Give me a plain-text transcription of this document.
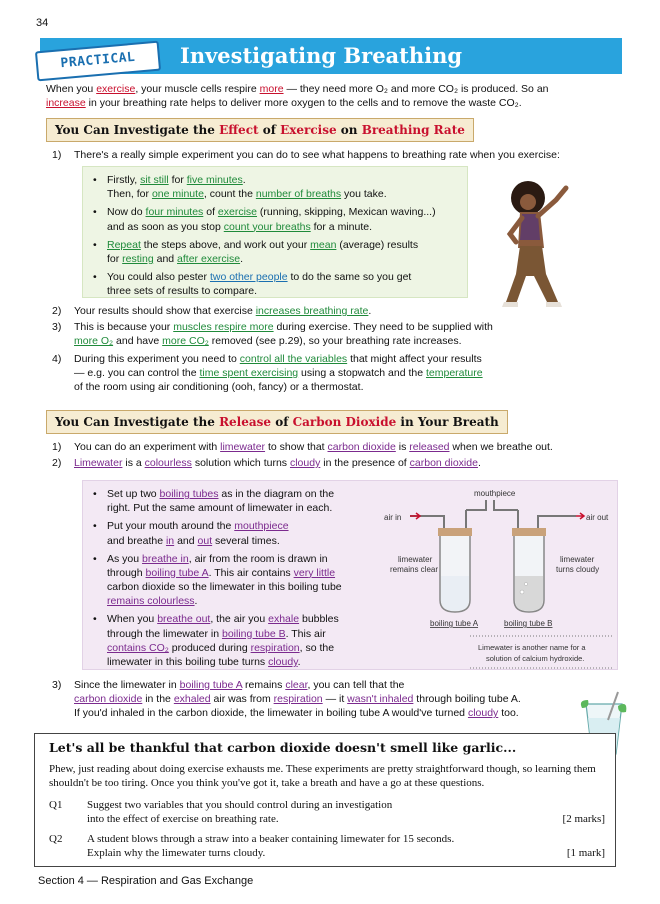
34
PRACTICAL	Investigating Breathing
When you exercise, your muscle cells respire more — they need more O₂ and more CO₂ is produced. So an
increase in your breathing rate helps to deliver more oxygen to the cells and to remove the waste CO₂.
You Can Investigate the Effect of Exercise on Breathing Rate
1)	There's a really simple experiment you can do to see what happens to breathing rate when you exercise:
• Firstly, sit still for five minutes.
Then, for one minute, count the number of breaths you take.
• Now do four minutes of exercise (running, skipping, Mexican waving...)
and as soon as you stop count your breaths for a minute.
• Repeat the steps above, and work out your mean (average) results
for resting and after exercise.
• You could also pester two other people to do the same so you get
three sets of results to compare.
2)	Your results should show that exercise increases breathing rate.
3)	This is because your muscles respire more during exercise. They need to be supplied with
more O₂ and have more CO₂ removed (see p.29), so your breathing rate increases.
4)	During this experiment you need to control all the variables that might affect your results
— e.g. you can control the time spent exercising using a stopwatch and the temperature
of the room using air conditioning (ooh, fancy) or a thermostat.
You Can Investigate the Release of Carbon Dioxide in Your Breath
1)	You can do an experiment with limewater to show that carbon dioxide is released when we breathe out.
2)	Limewater is a colourless solution which turns cloudy in the presence of carbon dioxide.
• Set up two boiling tubes as in the diagram on the
right. Put the same amount of limewater in each.
• Put your mouth around the mouthpiece
and breathe in and out several times.
• As you breathe in, air from the room is drawn in
through boiling tube A. This air contains very little
carbon dioxide so the limewater in this boiling tube
remains colourless.
• When you breathe out, the air you exhale bubbles
through the limewater in boiling tube B. This air
contains CO₂ produced during respiration, so the
limewater in this boiling tube turns cloudy.
mouthpiece
air in	air out
limewater
remains clear
limewater
turns cloudy
boiling tube A	boiling tube B
Limewater is another name for a
solution of calcium hydroxide.
3)	Since the limewater in boiling tube A remains clear, you can tell that the
carbon dioxide in the exhaled air was from respiration — it wasn't inhaled through boiling tube A.
If you'd inhaled in the carbon dioxide, the limewater in boiling tube A would've turned cloudy too.
Let's all be thankful that carbon dioxide doesn't smell like garlic...
Phew, just reading about doing exercise exhausts me. These experiments are pretty straightforward though, so learning them shouldn't be too tiring. Once you think you've got it, take a breath and have a go at these questions.
Q1 Suggest two variables that you should control during an investigation
into the effect of exercise on breathing rate.	[2 marks]
Q2 A student blows through a straw into a beaker containing limewater for 15 seconds.
Explain why the limewater turns cloudy.	[1 mark]
Section 4 — Respiration and Gas Exchange
